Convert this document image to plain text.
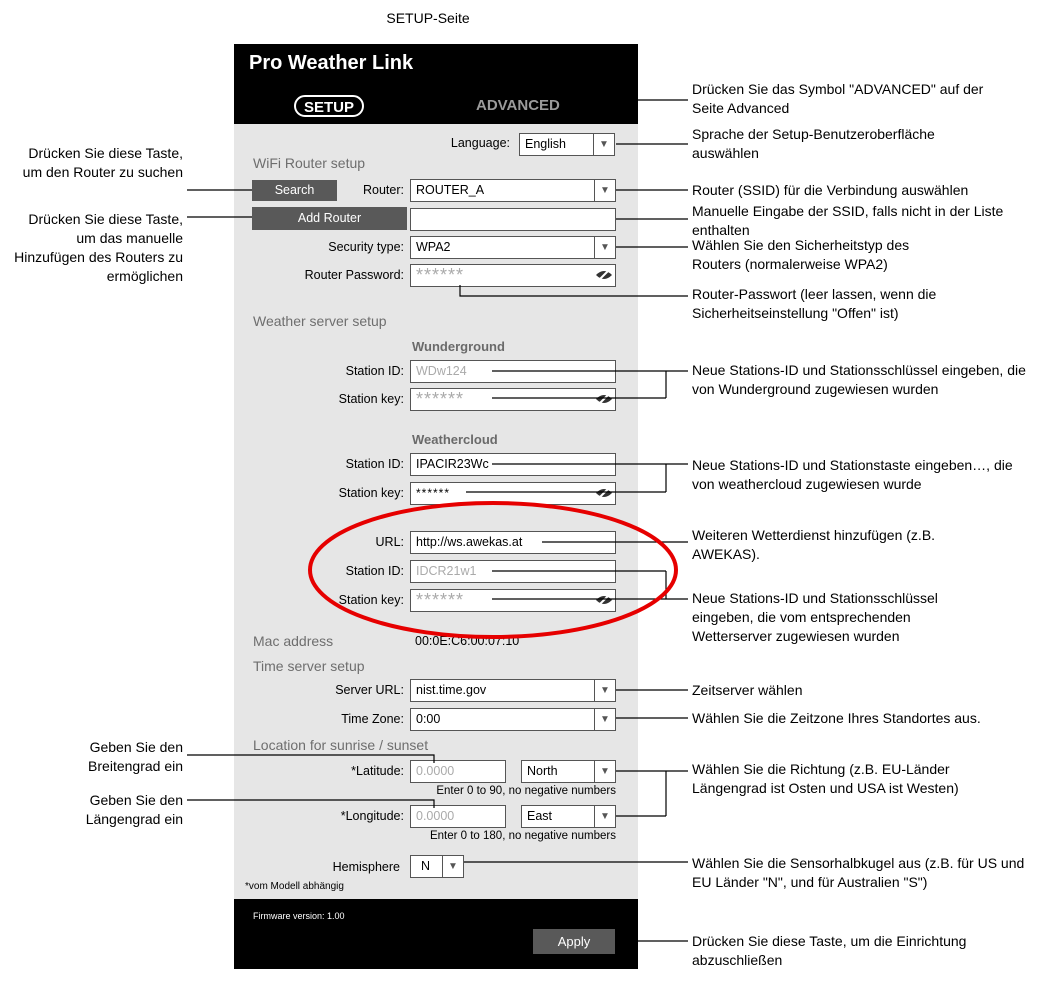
SETUP-Seite
Pro Weather Link
SETUP	ADVANCED
Language: English	▼
WiFi Router setup
Search	Router: ROUTER_A	▼
Add Router
Security type: WPA2	▼
Router Password: ******
Weather server setup
Wunderground
Station ID: WDw124
Station key: ******
Weathercloud
Station ID: IPACIR23Wc
Station key:	******
URL: http://ws.awekas.at
Station ID: IDCR21w1
Station key: ******
Mac address	00:0E:C6:00:07:10
Time server setup
Server URL: nist.time.gov	▼
Time Zone: 0:00	▼
Location for sunrise / sunset
*Latitude: 0.0000	North	▼
Enter 0 to 90, no negative numbers
*Longitude: 0.0000	East	▼
Enter 0 to 180, no negative numbers
Hemisphere N	▼
*vom Modell abhängig
Firmware version: 1.00
Apply
Drücken Sie das Symbol "ADVANCED" auf der Seite Advanced
Sprache der Setup-Benutzeroberfläche auswählen
Drücken Sie diese Taste, um den Router zu suchen
Router (SSID) für die Verbindung auswählen
Drücken Sie diese Taste, um das manuelle Hinzufügen des Routers zu ermöglichen
Manuelle Eingabe der SSID, falls nicht in der Liste enthalten
Wählen Sie den Sicherheitstyp des Routers (normalerweise WPA2)
Router-Passwort (leer lassen, wenn die Sicherheitseinstellung "Offen" ist)
Neue Stations-ID und Stationsschlüssel eingeben, die von Wunderground zugewiesen wurden
Neue Stations-ID und Stationstaste eingeben…, die von weathercloud zugewiesen wurde
Weiteren Wetterdienst hinzufügen (z.B. AWEKAS).
Neue Stations-ID und Stationsschlüssel eingeben, die vom entsprechenden Wetterserver zugewiesen wurden
Zeitserver wählen
Wählen Sie die Zeitzone Ihres Standortes aus.
Geben Sie den Breitengrad ein
Geben Sie den Längengrad ein
Wählen Sie die Richtung (z.B. EU-Länder Längengrad ist Osten und USA ist Westen)
Wählen Sie die Sensorhalbkugel aus (z.B. für US und EU Länder "N", und für Australien "S")
Drücken Sie diese Taste, um die Einrichtung abzuschließen
